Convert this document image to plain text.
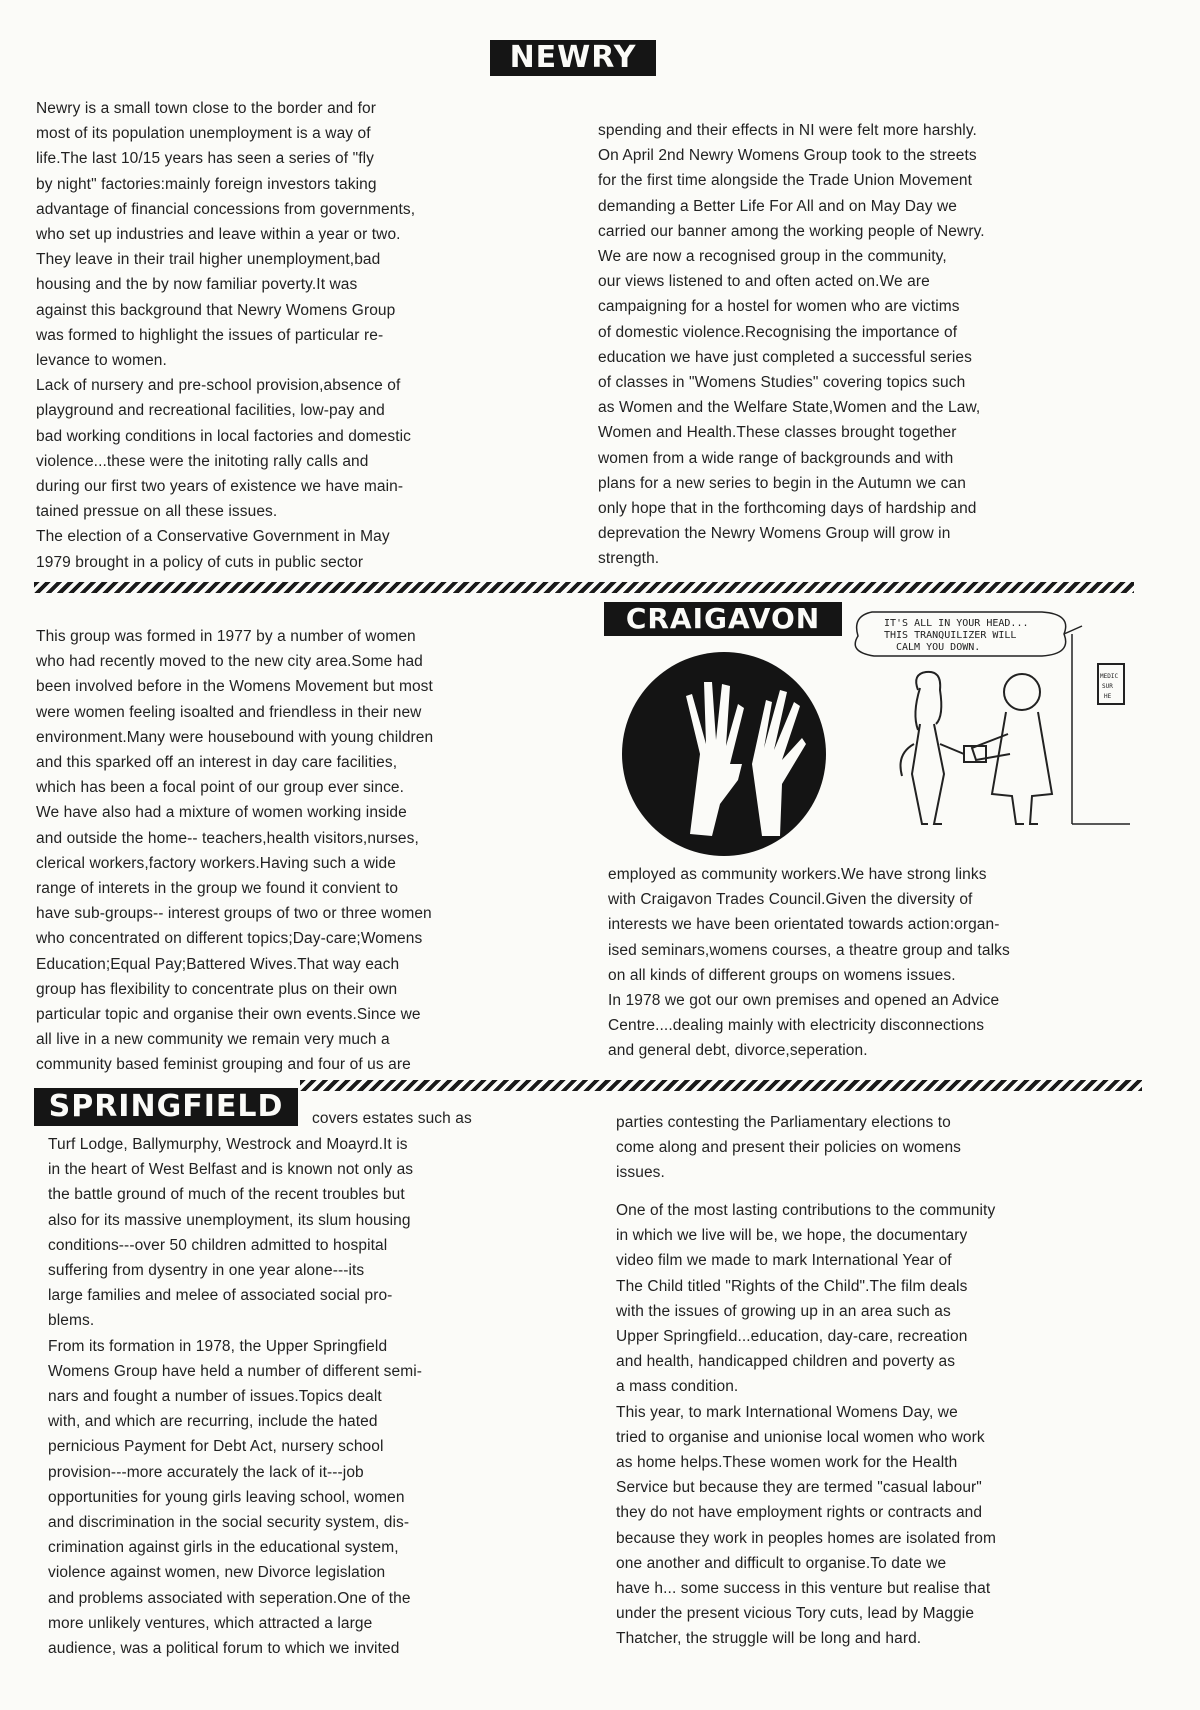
NEWRY
Newry is a small town close to the border and for
most of its population unemployment is a way of
life.The last 10/15 years has seen a series of "fly
by night" factories:mainly foreign investors taking
advantage of financial concessions from governments,
who set up industries and leave within a year or two.
They leave in their trail higher unemployment,bad
housing and the by now familiar poverty.It was
against this background that Newry Womens Group
was formed to highlight the issues of particular re-
levance to women.
Lack of nursery and pre-school provision,absence of
playground and recreational facilities, low-pay and
bad working conditions in local factories and domestic
violence...these were the initoting rally calls and
during our first two years of existence we have main-
tained pressue on all these issues.
The election of a Conservative Government in May
1979 brought in a policy of cuts in public sector
spending and their effects in NI were felt more harshly.
On April 2nd Newry Womens Group took to the streets
for the first time alongside the Trade Union Movement
demanding a Better Life For All and on May Day we
carried our banner among the working people of Newry.
We are now a recognised group in the community,
our views listened to and often acted on.We are
campaigning for a hostel for women who are victims
of domestic violence.Recognising the importance of
education we have just completed a successful series
of classes in "Womens Studies" covering topics such
as Women and the Welfare State,Women and the Law,
Women and Health.These classes brought together
women from a wide range of backgrounds and with
plans for a new series to begin in the Autumn we can
only hope that in the forthcoming days of hardship and
deprevation the Newry Womens Group will grow in
strength.
CRAIGAVON
This group was formed in 1977 by a number of women
who had recently moved to the new city area.Some had
been involved before in the Womens Movement but most
were women feeling isoalted and friendless in their new
environment.Many were housebound with young children
and this sparked off an interest in day care facilities,
which has been a focal point of our group ever since.
We have also had a mixture of women working inside
and outside the home-- teachers,health visitors,nurses,
clerical workers,factory workers.Having such a wide
range of interets in the group we found it convient to
have sub-groups-- interest groups of two or three women
who concentrated on different topics;Day-care;Womens
Education;Equal Pay;Battered Wives.That way each
group has flexibility to concentrate plus on their own
particular topic and organise their own events.Since we
all live in a new community we remain very much a
community based feminist grouping and four of us are
IT'S ALL IN YOUR HEAD...
THIS TRANQUILIZER WILL
CALM YOU DOWN.
MEDIC
SUR
HE
employed as community workers.We have strong links
with Craigavon Trades Council.Given the diversity of
interests we have been orientated towards action:organ-
ised seminars,womens courses, a theatre group and talks
on all kinds of different groups on womens issues.
In 1978 we got our own premises and opened an Advice
Centre....dealing mainly with electricity disconnections
and general debt, divorce,seperation.
SPRINGFIELD	covers estates such as
Turf Lodge, Ballymurphy, Westrock and Moayrd.It is
in the heart of West Belfast and is known not only as
the battle ground of much of the recent troubles but
also for its massive unemployment, its slum housing
conditions---over 50 children admitted to hospital
suffering from dysentry in one year alone---its
large families and melee of associated social pro-
blems.
From its formation in 1978, the Upper Springfield
Womens Group have held a number of different semi-
nars and fought a number of issues.Topics dealt
with, and which are recurring, include the hated
pernicious Payment for Debt Act, nursery school
provision---more accurately the lack of it---job
opportunities for young girls leaving school, women
and discrimination in the social security system, dis-
crimination against girls in the educational system,
violence against women, new Divorce legislation
and problems associated with seperation.One of the
more unlikely ventures, which attracted a large
audience, was a political forum to which we invited
parties contesting the Parliamentary elections to
come along and present their policies on womens
issues.
One of the most lasting contributions to the community
in which we live will be, we hope, the documentary
video film we made to mark International Year of
The Child titled "Rights of the Child".The film deals
with the issues of growing up in an area such as
Upper Springfield...education, day-care, recreation
and health, handicapped children and poverty as
a mass condition.
This year, to mark International Womens Day, we
tried to organise and unionise local women who work
as home helps.These women work for the Health
Service but because they are termed "casual labour"
they do not have employment rights or contracts and
because they work in peoples homes are isolated from
one another and difficult to organise.To date we
have h... some success in this venture but realise that
under the present vicious Tory cuts, lead by Maggie
Thatcher, the struggle will be long and hard.
